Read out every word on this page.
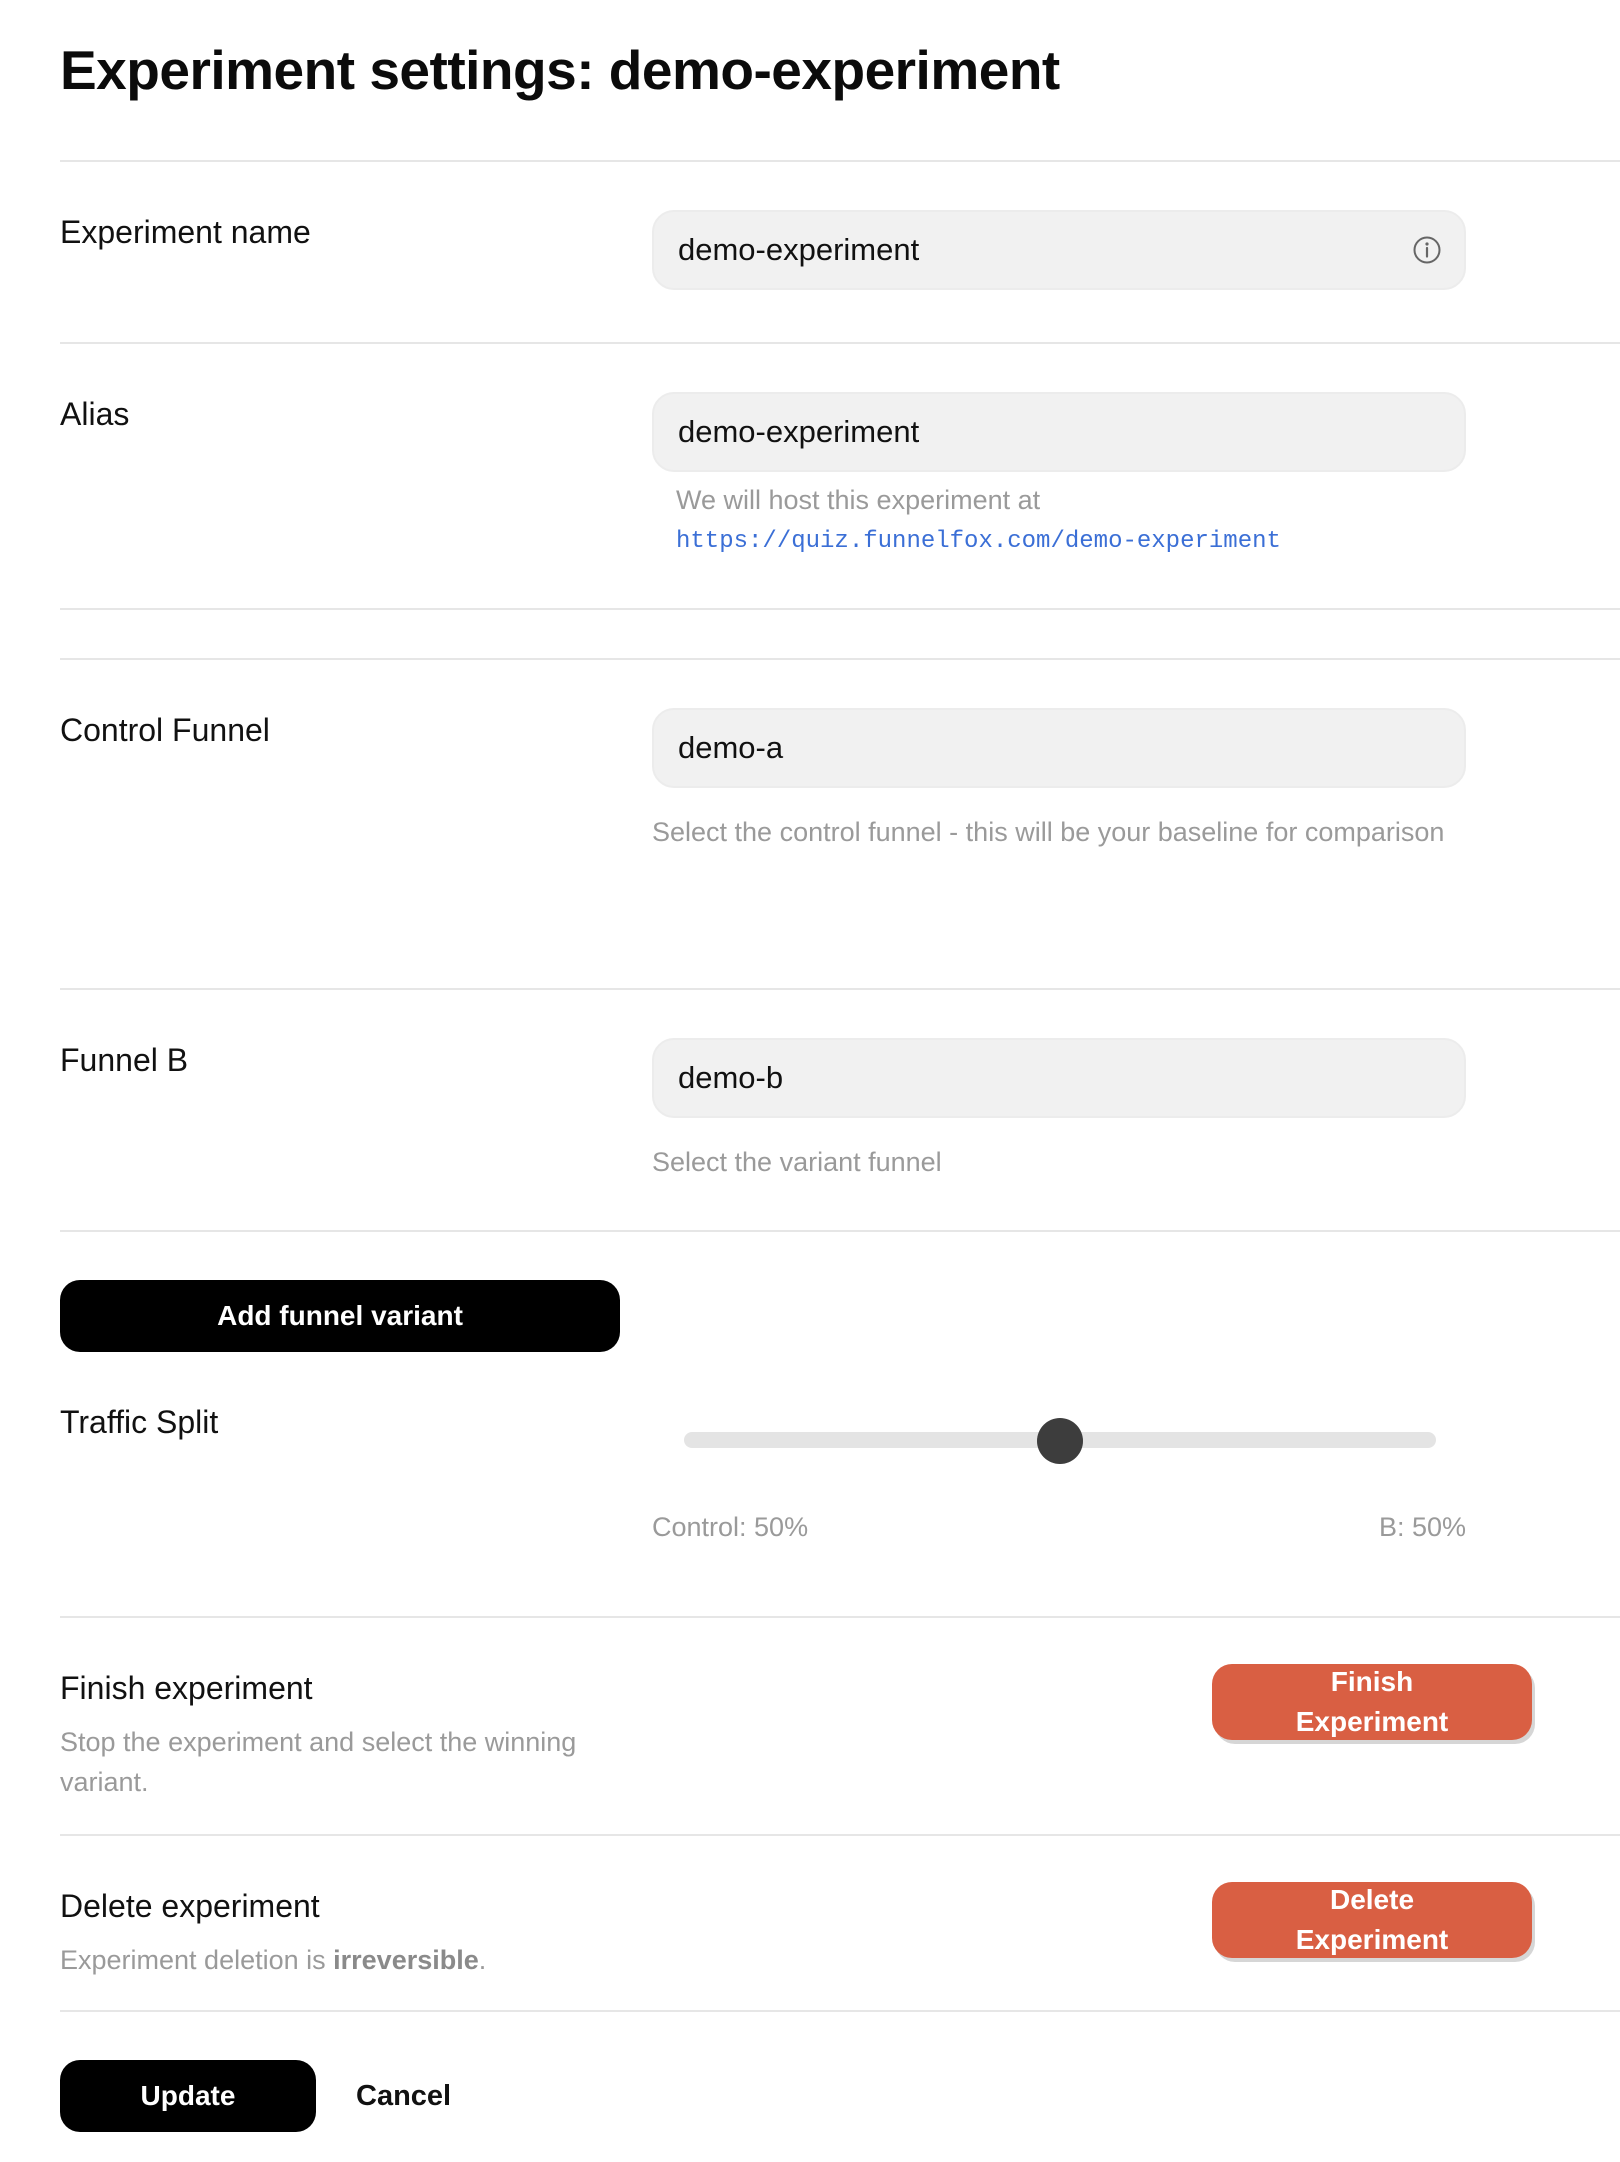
Experiment settings: demo-experiment
Experiment name	demo-experiment
Alias	demo-experiment
We will host this experiment at
https://quiz.funnelfox.com/demo-experiment
Control Funnel	demo-a
Select the control funnel - this will be your baseline for comparison
Funnel B	demo-b
Select the variant funnel
Add funnel variant
Traffic Split
Control: 50%	B: 50%
Finish experiment
Stop the experiment and select the winning variant.
Finish Experiment
Delete experiment
Experiment deletion is irreversible.
Delete Experiment
Update	Cancel
